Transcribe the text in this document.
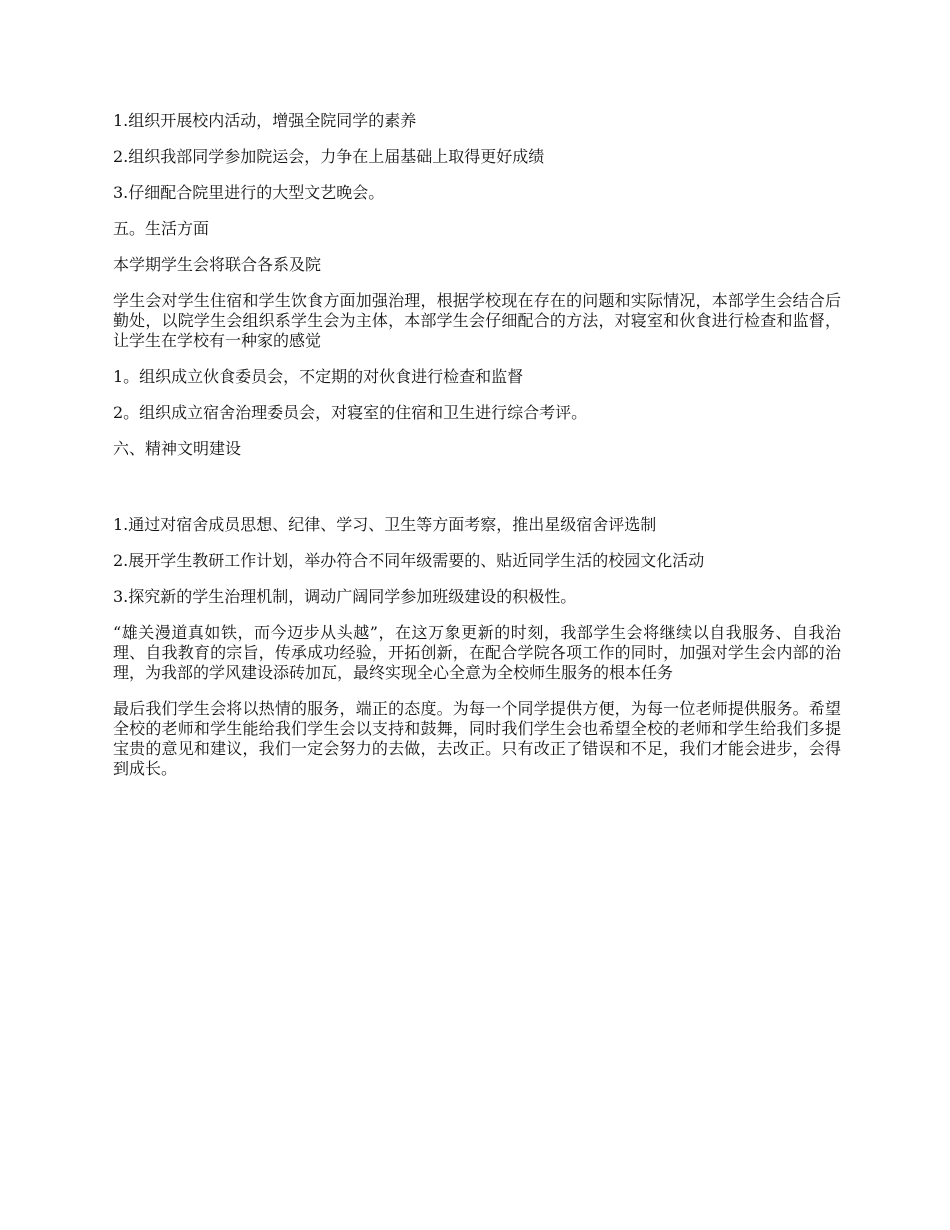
1.组织开展校内活动，增强全院同学的素养

2.组织我部同学参加院运会，力争在上届基础上取得更好成绩

3.仔细配合院里进行的大型文艺晚会。

五。生活方面

本学期学生会将联合各系及院

学生会对学生住宿和学生饮食方面加强治理，根据学校现在存在的问题和实际情况，本部学生会结合后勤处，以院学生会组织系学生会为主体，本部学生会仔细配合的方法，对寝室和伙食进行检查和监督，让学生在学校有一种家的感觉

1。组织成立伙食委员会，不定期的对伙食进行检查和监督

2。组织成立宿舍治理委员会，对寝室的住宿和卫生进行综合考评。

六、精神文明建设

1.通过对宿舍成员思想、纪律、学习、卫生等方面考察，推出星级宿舍评选制

2.展开学生教研工作计划，举办符合不同年级需要的、贴近同学生活的校园文化活动

3.探究新的学生治理机制，调动广阔同学参加班级建设的积极性。

“雄关漫道真如铁，而今迈步从头越”，在这万象更新的时刻，我部学生会将继续以自我服务、自我治理、自我教育的宗旨，传承成功经验，开拓创新，在配合学院各项工作的同时，加强对学生会内部的治理，为我部的学风建设添砖加瓦，最终实现全心全意为全校师生服务的根本任务

最后我们学生会将以热情的服务，端正的态度。为每一个同学提供方便，为每一位老师提供服务。希望全校的老师和学生能给我们学生会以支持和鼓舞，同时我们学生会也希望全校的老师和学生给我们多提宝贵的意见和建议，我们一定会努力的去做，去改正。只有改正了错误和不足，我们才能会进步，会得到成长。
